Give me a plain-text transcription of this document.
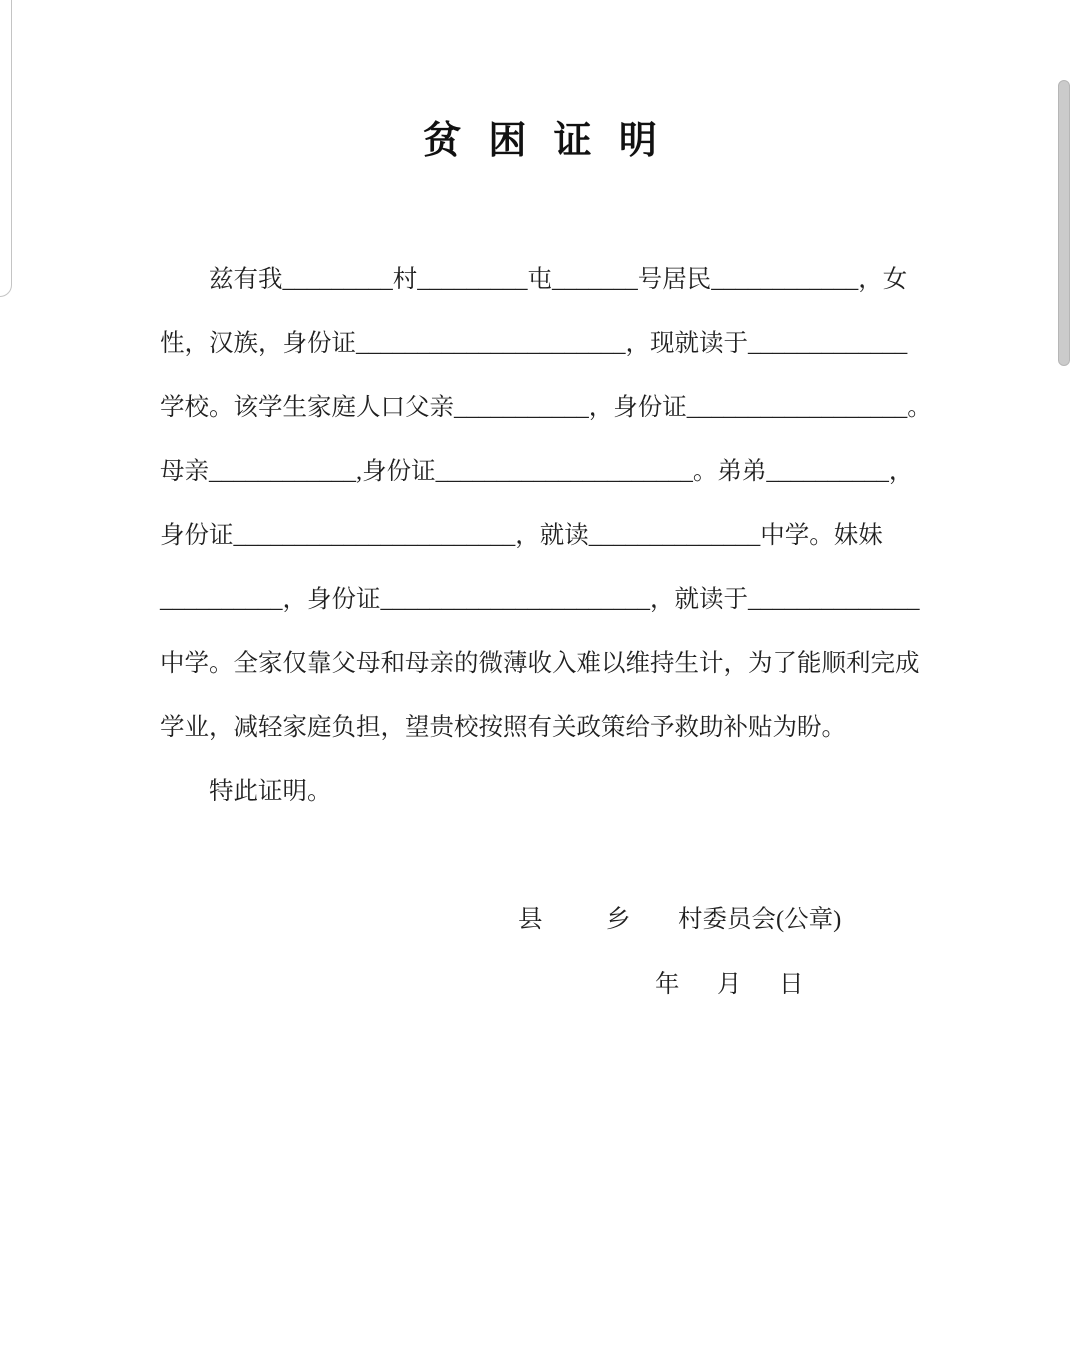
贫 困 证 明
兹有我_________村_________屯_______号居民____________，女
性，汉族，身份证______________________，现就读于_____________
学校。该学生家庭人口父亲___________，身份证__________________。
母亲____________,身份证_____________________。弟弟__________，
身份证_______________________，就读______________中学。妹妹
__________，身份证______________________，就读于______________
中学。全家仅靠父母和母亲的微薄收入难以维持生计，为了能顺利完成
学业，减轻家庭负担，望贵校按照有关政策给予救助补贴为盼。
特此证明。
县	乡 村委员会(公章)
年 月 日
